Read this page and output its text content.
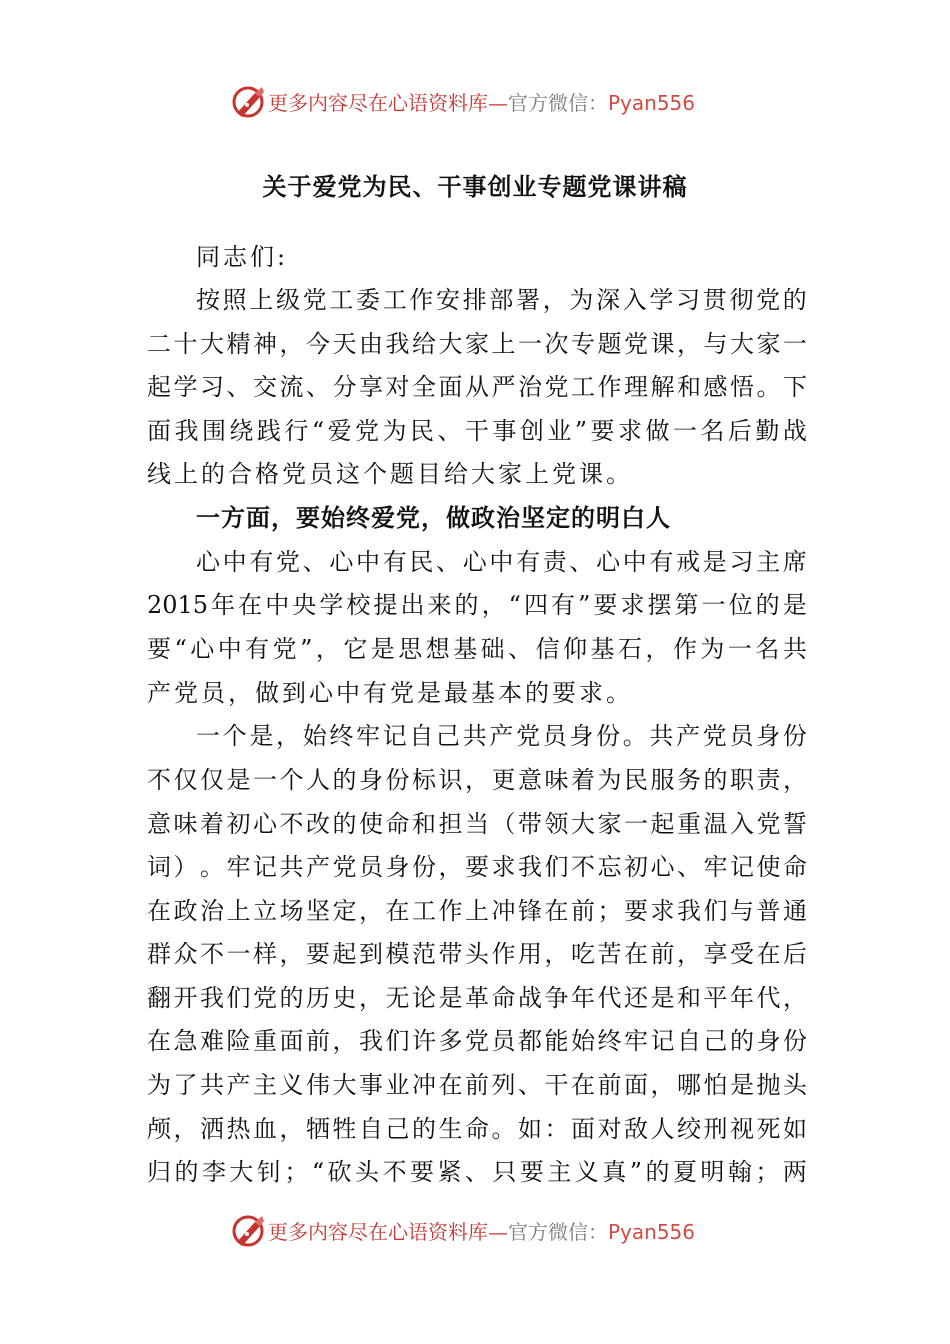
更多内容尽在心语资料库—官方微信：Pyan556
关于爱党为民、干事创业专题党课讲稿
同志们:
按 照 上 级 党 工 委 工 作 安 排 部 署 ， 为 深 入 学 习 贯 彻 党 的
二 十 大 精 神 ， 今 天 由 我 给 大 家 上 一 次 专 题 党 课 ， 与 大 家 一
起 学 习 、 交 流 、 分 享 对 全 面 从 严 治 党 工 作 理 解 和 感 悟 。 下
面 我 围 绕 践 行 “ 爱 党 为 民 、 干 事 创 业 ” 要 求 做 一 名 后 勤 战
线上的合格党员这个题目给大家上党课。
一方面，要始终爱党，做政治坚定的明白人
心 中 有 党 、 心 中 有 民 、 心 中 有 责 、 心 中 有 戒 是 习 主 席
2015 年 在 中 央 学 校 提 出 来 的 ， “ 四 有 ” 要 求 摆 第 一 位 的 是
要 “ 心 中 有 党 ” ， 它 是 思 想 基 础 、 信 仰 基 石 ， 作 为 一 名 共
产党员，做到心中有党是最基本的要求。
一 个 是 ， 始 终 牢 记 自 己 共 产 党 员 身 份 。 共 产 党 员 身 份
不 仅 仅 是 一 个 人 的 身 份 标 识 ， 更 意 味 着 为 民 服 务 的 职 责 ，
意 味 着 初 心 不 改 的 使 命 和 担 当 （ 带 领 大 家 一 起 重 温 入 党 誓
词 ） 。 牢 记 共 产 党 员 身 份 ， 要 求 我 们 不 忘 初 心 、 牢 记 使 命
在 政 治 上 立 场 坚 定 ， 在 工 作 上 冲 锋 在 前 ； 要 求 我 们 与 普 通
群 众 不 一 样 ， 要 起 到 模 范 带 头 作 用 ， 吃 苦 在 前 ， 享 受 在 后
翻 开 我 们 党 的 历 史 ， 无 论 是 革 命 战 争 年 代 还 是 和 平 年 代 ，
在 急 难 险 重 面 前 ， 我 们 许 多 党 员 都 能 始 终 牢 记 自 己 的 身 份
为 了 共 产 主 义 伟 大 事 业 冲 在 前 列 、 干 在 前 面 ， 哪 怕 是 抛 头
颅 ， 洒 热 血 ， 牺 牲 自 己 的 生 命 。 如 ： 面 对 敌 人 绞 刑 视 死 如
归 的 李 大 钊 ； “ 砍 头 不 要 紧 、 只 要 主 义 真 ” 的 夏 明 翰 ； 两
更多内容尽在心语资料库—官方微信：Pyan556
